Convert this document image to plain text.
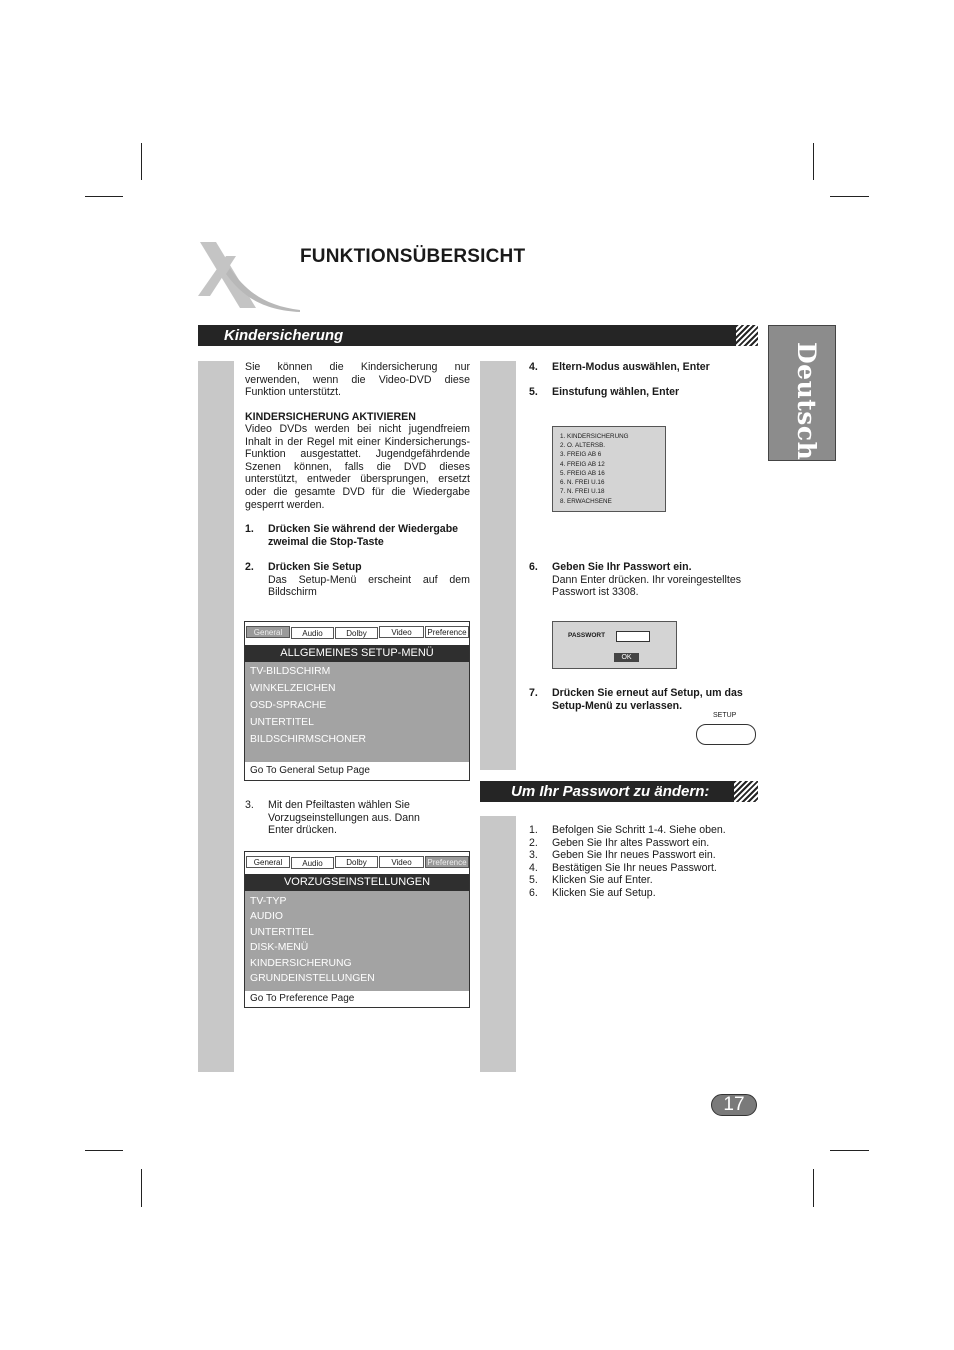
FUNKTIONSÜBERSICHT
Deutsch
Kindersicherung
Sie können die Kindersicherung nur verwenden, wenn die Video-DVD diese Funktion unterstützt.
KINDERSICHERUNG AKTIVIEREN
Video DVDs werden bei nicht jugendfreiem Inhalt in der Regel mit einer Kindersicherungs-Funktion ausgestattet. Jugendgefährdende Szenen können, falls die DVD dieses unterstützt, entweder übersprungen, ersetzt oder die gesamte DVD für die Wiedergabe gesperrt werden.
1. Drücken Sie während der Wiedergabe zweimal die Stop-Taste
2. Drücken Sie Setup
Das Setup-Menü erscheint auf dem Bildschirm
General	Audio	Dolby	Video	Preference
ALLGEMEINES SETUP-MENÜ
TV-BILDSCHIRM
WINKELZEICHEN
OSD-SPRACHE
UNTERTITEL
BILDSCHIRMSCHONER
Go To General Setup Page
3. Mit den Pfeiltasten wählen Sie Vorzugseinstellungen aus. Dann Enter drücken.
General	Audio	Dolby	Video	Preference
VORZUGSEINSTELLUNGEN
TV-TYP
AUDIO
UNTERTITEL
DISK-MENÜ
KINDERSICHERUNG
GRUNDEINSTELLUNGEN
Go To Preference Page
4. Eltern-Modus auswählen, Enter
5. Einstufung wählen, Enter
1. KINDERSICHERUNG
2. O. ALTERSB.
3. FREIG AB 6
4. FREIG AB 12
5. FREIG AB 16
6. N. FREI U.16
7. N. FREI U.18
8. ERWACHSENE
6. Geben Sie Ihr Passwort ein.
Dann Enter drücken. Ihr voreingestelltes Passwort ist 3308.
PASSWORT
OK
7. Drücken Sie erneut auf Setup, um das Setup-Menü zu verlassen.
SETUP
Um Ihr Passwort zu ändern:
1. Befolgen Sie Schritt 1-4. Siehe oben.
2. Geben Sie Ihr altes Passwort ein.
3. Geben Sie Ihr neues Passwort ein.
4. Bestätigen Sie Ihr neues Passwort.
5. Klicken Sie auf Enter.
6. Klicken Sie auf Setup.
17
